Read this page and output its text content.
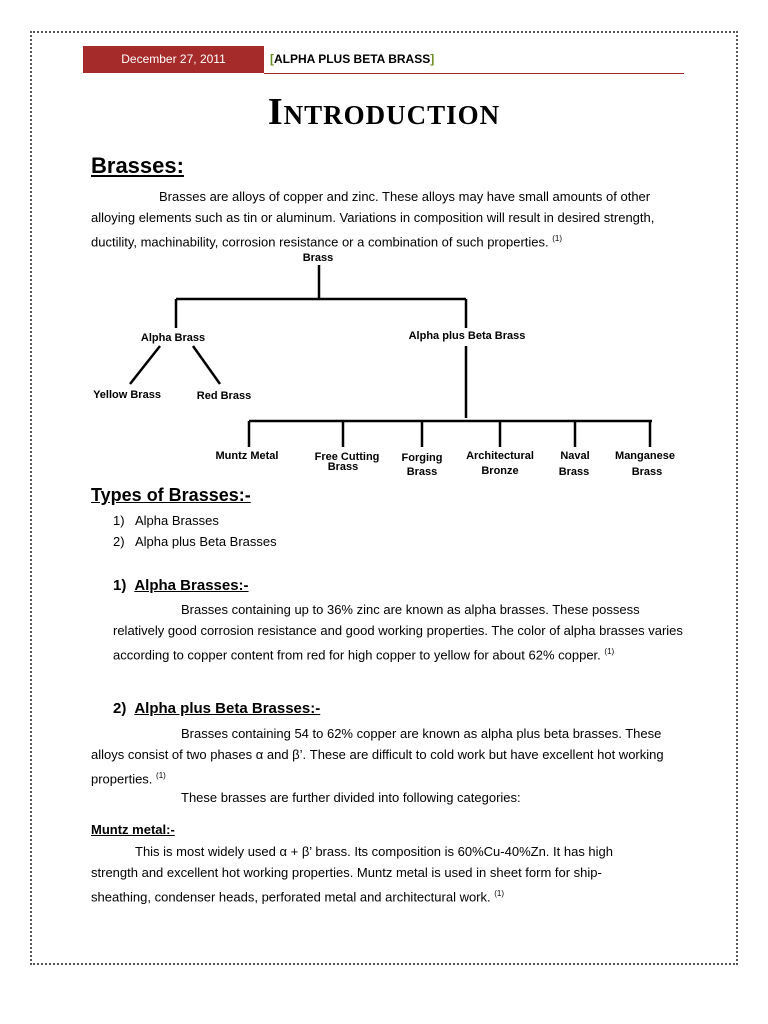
December 27, 2011	[ALPHA PLUS BETA BRASS]
Introduction
Brasses:
Brasses are alloys of copper and zinc. These alloys may have small amounts of other alloying elements such as tin or aluminum. Variations in composition will result in desired strength, ductility, machinability, corrosion resistance or a combination of such properties. $^{(1)}$
Brass
Alpha Brass	Alpha plus Beta Brass
Yellow Brass	Red Brass
Muntz Metal	Free Cutting
Brass
Forging
Brass
Architectural
Bronze
Naval
Brass
Manganese
Brass
Types of Brasses:-
1) Alpha Brasses
2) Alpha plus Beta Brasses
1) Alpha Brasses:-
Brasses containing up to 36% zinc are known as alpha brasses. These possess relatively good corrosion resistance and good working properties. The color of alpha brasses varies according to copper content from red for high copper to yellow for about 62% copper. $^{(1)}$
2) Alpha plus Beta Brasses:-
Brasses containing 54 to 62% copper are known as alpha plus beta brasses. These alloys consist of two phases α and β’. These are difficult to cold work but have excellent hot working properties. $^{(1)}$
These brasses are further divided into following categories:
Muntz metal:-
This is most widely used α + β’ brass. Its composition is 60%Cu-40%Zn. It has high strength and excellent hot working properties. Muntz metal is used in sheet form for ship-sheathing, condenser heads, perforated metal and architectural work. $^{(1)}$
